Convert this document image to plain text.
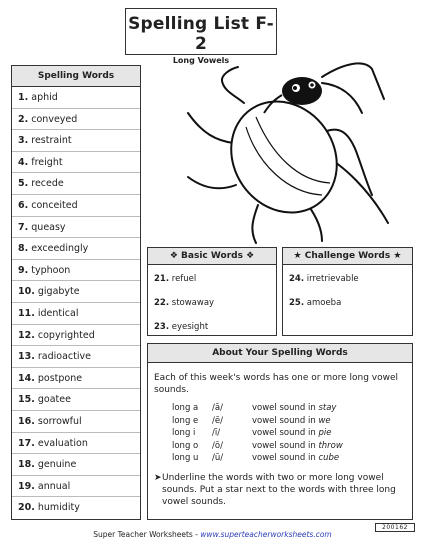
Spelling List F-2
Long Vowels
Spelling Words
1. aphid
2. conveyed
3. restraint
4. freight
5. recede
6. conceited
7. queasy
8. exceedingly
9. typhoon
10. gigabyte
11. identical
12. copyrighted
13. radioactive
14. postpone
15. goatee
16. sorrowful
17. evaluation
18. genuine
19. annual
20. humidity
❖ Basic Words ❖
21. refuel
22. stowaway
23. eyesight
★ Challenge Words ★
24. irretrievable
25. amoeba
About Your Spelling Words
Each of this week's words has one or more long vowel sounds.
long a	/ā/	vowel sound in stay
long e	/ē/	vowel sound in we
long i	/ī/	vowel sound in pie
long o	/ō/	vowel sound in throw
long u	/ū/	vowel sound in cube
➤ Underline the words with two or more long vowel sounds. Put a star next to the words with three long vowel sounds.
Super Teacher Worksheets - www.superteacherworksheets.com
200162
